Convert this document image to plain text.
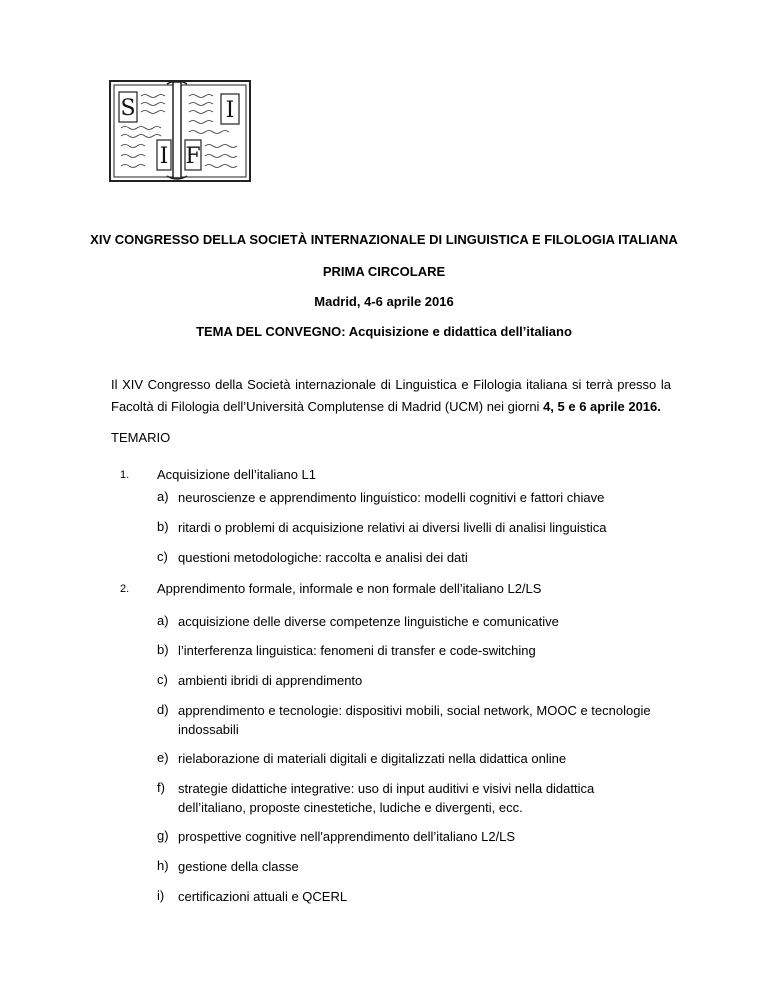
S
I
I
F
XIV CONGRESSO DELLA SOCIETÀ INTERNAZIONALE DI LINGUISTICA E FILOLOGIA ITALIANA
PRIMA CIRCOLARE
Madrid, 4-6 aprile 2016
TEMA DEL CONVEGNO: Acquisizione e didattica dell’italiano
Il XIV Congresso della Società internazionale di Linguistica e Filologia italiana si terrà presso la Facoltà di Filologia dell’Università Complutense di Madrid (UCM) nei giorni 4, 5 e 6 aprile 2016.
TEMARIO
1. Acquisizione dell’italiano L1
a) neuroscienze e apprendimento linguistico: modelli cognitivi e fattori chiave
b) ritardi o problemi di acquisizione relativi ai diversi livelli di analisi linguistica
c) questioni metodologiche: raccolta e analisi dei dati
2. Apprendimento formale, informale e non formale dell’italiano L2/LS
a) acquisizione delle diverse competenze linguistiche e comunicative
b) l’interferenza linguistica: fenomeni di transfer e code-switching
c) ambienti ibridi di apprendimento
d) apprendimento e tecnologie: dispositivi mobili, social network, MOOC e tecnologie indossabili
e) rielaborazione di materiali digitali e digitalizzati nella didattica online
f) strategie didattiche integrative: uso di input auditivi e visivi nella didattica dell’italiano, proposte cinestetiche, ludiche e divergenti, ecc.
g) prospettive cognitive nell'apprendimento dell’italiano L2/LS
h) gestione della classe
i) certificazioni attuali e QCERL
